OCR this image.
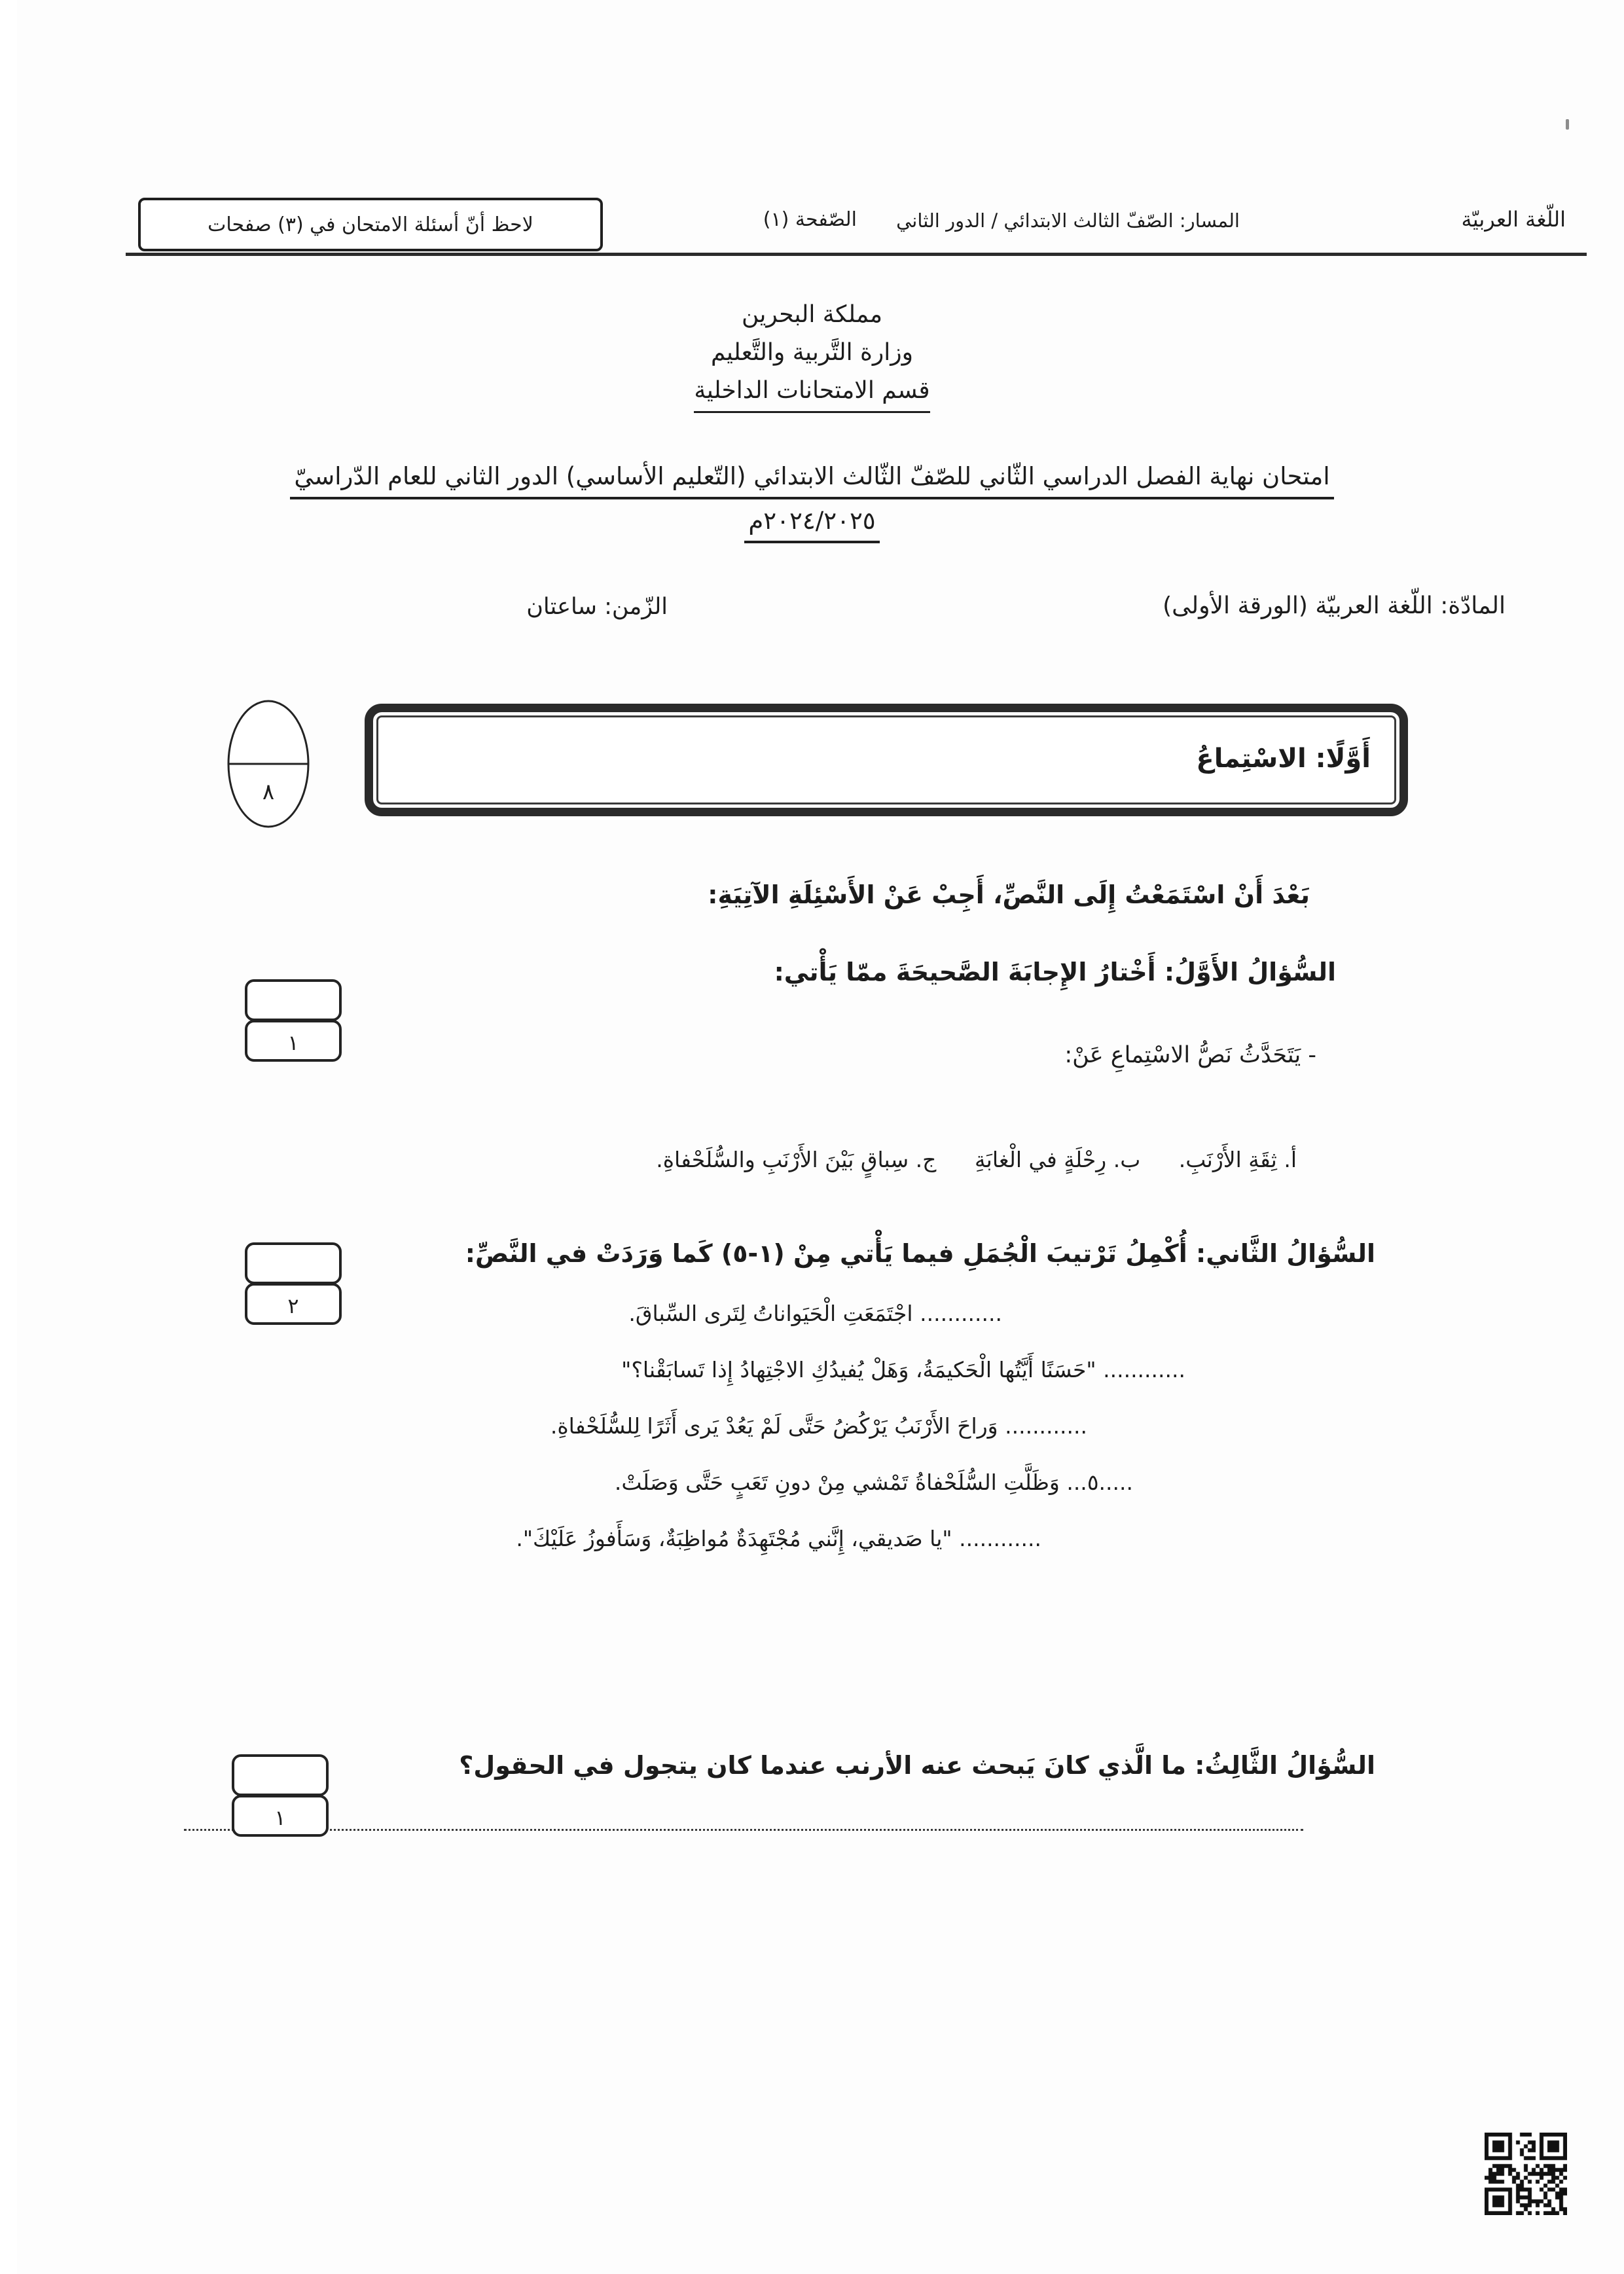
اللّغة العربيّة
المسار: الصّفّ الثالث الابتدائي / الدور الثاني
الصّفحة (١)
لاحظ أنّ أسئلة الامتحان في (٣) صفحات
مملكة البحرين
وزارة التَّربية والتَّعليم
قسم الامتحانات الداخلية
امتحان نهاية الفصل الدراسي الثّاني للصّفّ الثّالث الابتدائي (التّعليم الأساسي) الدور الثاني للعام الدّراسيّ
٢٠٢٤/٢٠٢٥م
المادّة: اللّغة العربيّة (الورقة الأولى)
الزّمن: ساعتان
أَوَّلًا: الاسْتِماعُ
٨
بَعْدَ أَنْ اسْتَمَعْتُ إِلَى النَّصِّ، أَجِبْ عَنْ الأَسْئِلَةِ الآتِيَةِ:
السُّؤالُ الأَوَّلُ: أَخْتارُ الإِجابَةَ الصَّحيحَةَ ممّا يَأْتي:
- يَتَحَدَّثُ نَصُّ الاسْتِماعِ عَنْ:
أ. ثِقَةِ الأَرْنَبِ. ب. رِحْلَةٍ في الْغابَةِ ج. سِباقٍ بَيْنَ الأَرْنَبِ والسُّلَحْفاةِ.
١
السُّؤالُ الثَّاني: أُكْمِلُ تَرْتيبَ الْجُمَلِ فيما يَأْتي مِنْ (١-٥) كَما وَرَدَتْ في النَّصِّ:
............ اجْتَمَعَتِ الْحَيَواناتُ لِتَرى السِّباقَ.
............ "حَسَنًا أَيَّتُها الْحَكيمَةُ، وَهَلْ يُفيدُكِ الاجْتِهادُ إِذا تَسابَقْنا؟"
............ وَراحَ الأَرْنَبُ يَرْكُضُ حَتَّى لَمْ يَعُدْ يَرى أَثَرًا لِلسُّلَحْفاةِ.
.....٥... وَظَلَّتِ السُّلَحْفاةُ تَمْشي مِنْ دونِ تَعَبٍ حَتَّى وَصَلَتْ.
............ "يا صَديقي، إِنَّني مُجْتَهِدَةٌ مُواظِبَةٌ، وَسَأَفوزُ عَلَيْكَ".
٢
السُّؤالُ الثَّالِثُ: ما الَّذي كانَ يَبحث عنه الأرنب عندما كان يتجول في الحقول؟
١
